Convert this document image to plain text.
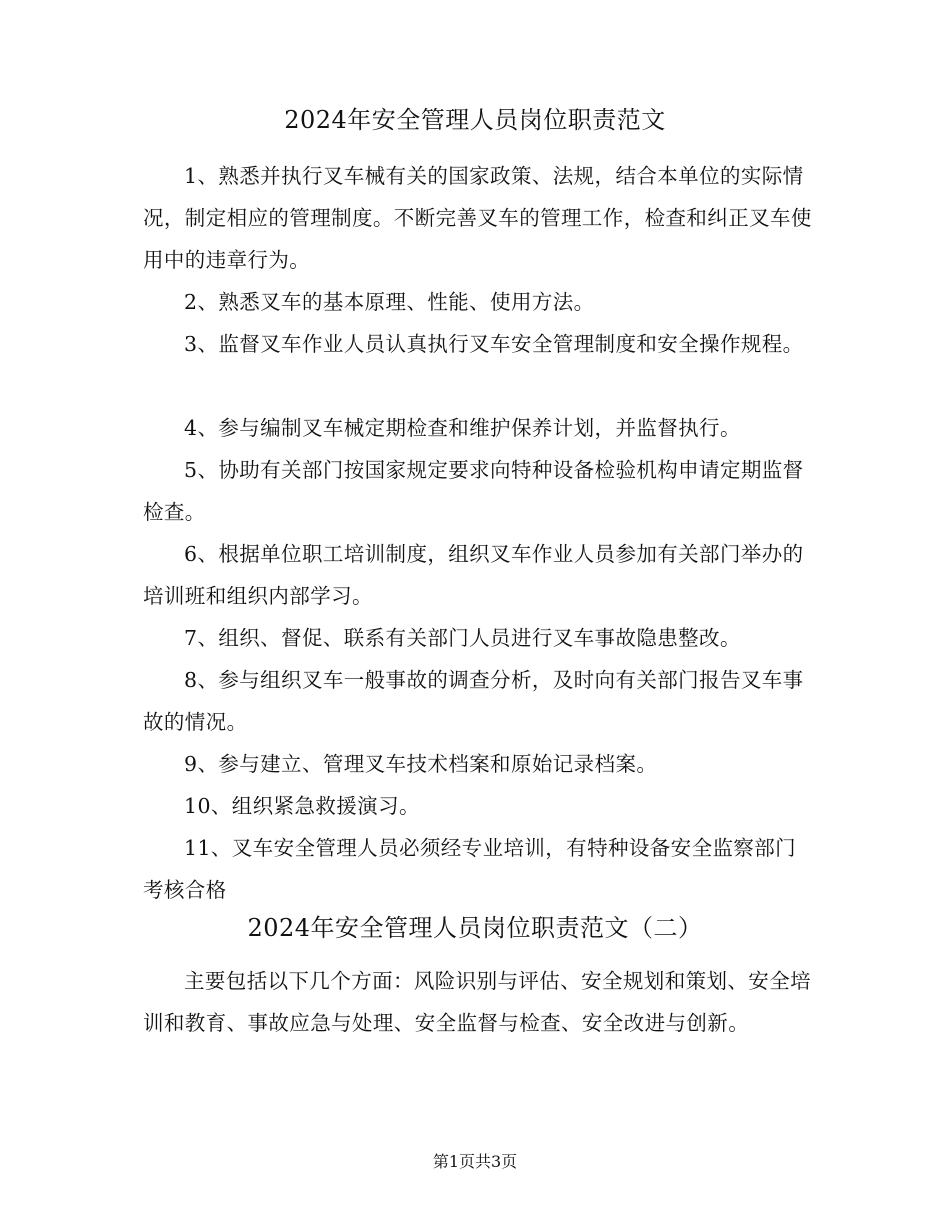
2024年安全管理人员岗位职责范文

1、熟悉并执行叉车械有关的国家政策、法规，结合本单位的实际情况，制定相应的管理制度。不断完善叉车的管理工作，检查和纠正叉车使用中的违章行为。

2、熟悉叉车的基本原理、性能、使用方法。

3、监督叉车作业人员认真执行叉车安全管理制度和安全操作规程。

4、参与编制叉车械定期检查和维护保养计划，并监督执行。

5、协助有关部门按国家规定要求向特种设备检验机构申请定期监督检查。

6、根据单位职工培训制度，组织叉车作业人员参加有关部门举办的培训班和组织内部学习。

7、组织、督促、联系有关部门人员进行叉车事故隐患整改。

8、参与组织叉车一般事故的调查分析，及时向有关部门报告叉车事故的情况。

9、参与建立、管理叉车技术档案和原始记录档案。

10、组织紧急救援演习。

11、叉车安全管理人员必须经专业培训，有特种设备安全监察部门考核合格

2024年安全管理人员岗位职责范文（二）

主要包括以下几个方面：风险识别与评估、安全规划和策划、安全培训和教育、事故应急与处理、安全监督与检查、安全改进与创新。

第1页共3页
